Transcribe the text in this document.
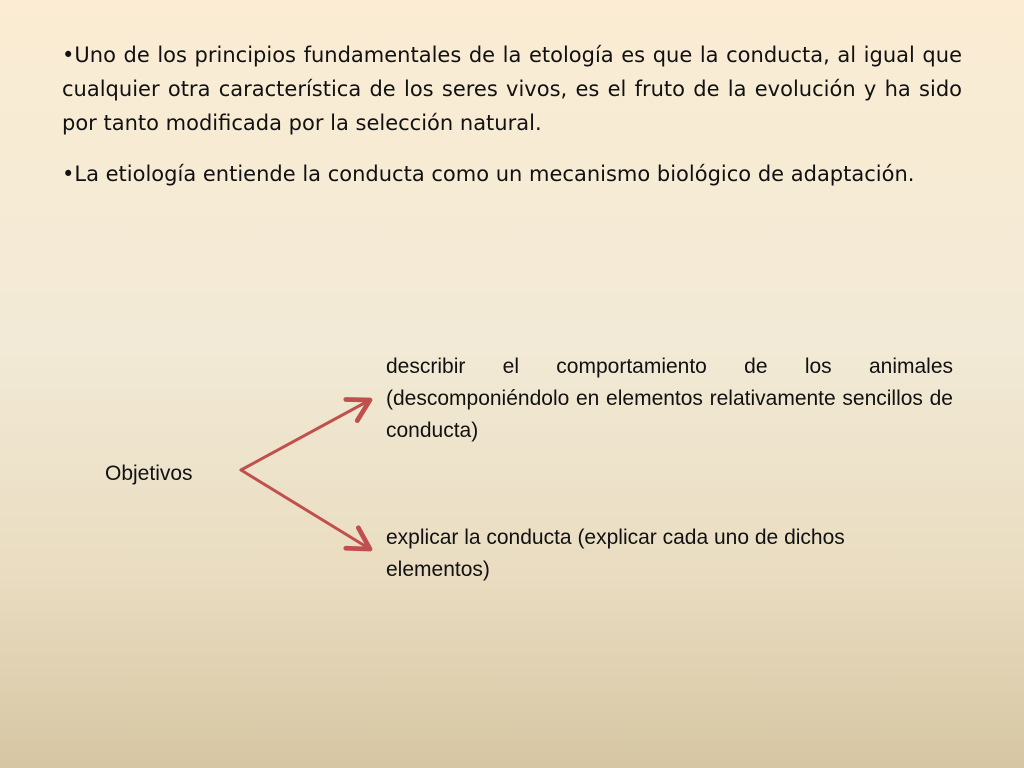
•Uno de los principios fundamentales de la etología es que la conducta, al igual que cualquier otra característica de los seres vivos, es el fruto de la evolución y ha sido por tanto modificada por la selección natural.
•La etiología entiende la conducta como un mecanismo biológico de adaptación.
Objetivos
describir el comportamiento de los animales (descomponiéndolo en elementos relativamente sencillos de conducta)
explicar la conducta (explicar cada uno de dichos elementos)
